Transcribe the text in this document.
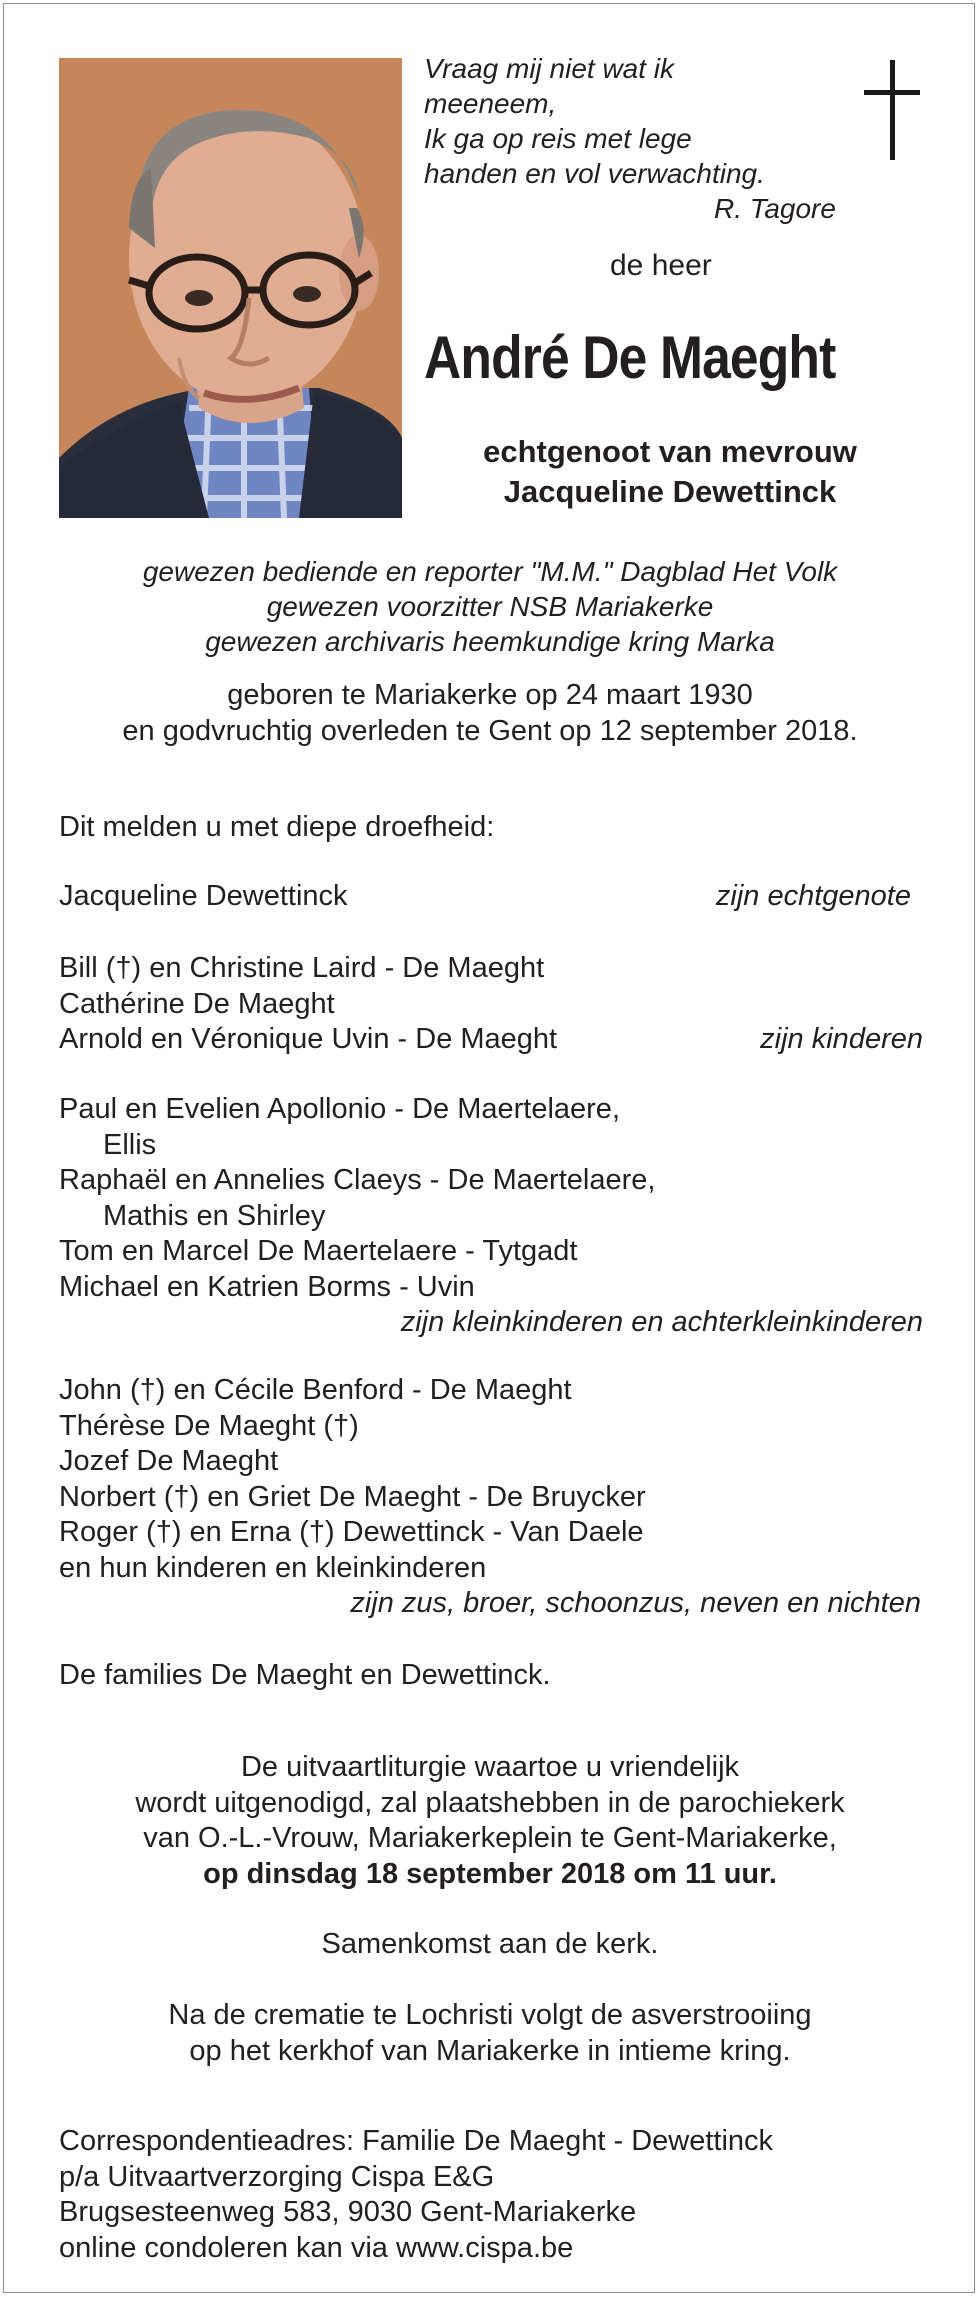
Vraag mij niet wat ik
meeneem,
Ik ga op reis met lege
handen en vol verwachting.
R. Tagore
de heer
André De Maeght
echtgenoot van mevrouw
Jacqueline Dewettinck
gewezen bediende en reporter "M.M." Dagblad Het Volk
gewezen voorzitter NSB Mariakerke
gewezen archivaris heemkundige kring Marka
geboren te Mariakerke op 24 maart 1930
en godvruchtig overleden te Gent op 12 september 2018.
Dit melden u met diepe droefheid:
Jacqueline Dewettinck	zijn echtgenote
Bill (†) en Christine Laird - De Maeght
Cathérine De Maeght
Arnold en Véronique Uvin - De Maeght	zijn kinderen
Paul en Evelien Apollonio - De Maertelaere,
Ellis
Raphaël en Annelies Claeys - De Maertelaere,
Mathis en Shirley
Tom en Marcel De Maertelaere - Tytgadt
Michael en Katrien Borms - Uvin
zijn kleinkinderen en achterkleinkinderen
John (†) en Cécile Benford - De Maeght
Thérèse De Maeght (†)
Jozef De Maeght
Norbert (†) en Griet De Maeght - De Bruycker
Roger (†) en Erna (†) Dewettinck - Van Daele
en hun kinderen en kleinkinderen
zijn zus, broer, schoonzus, neven en nichten
De families De Maeght en Dewettinck.
De uitvaartliturgie waartoe u vriendelijk
wordt uitgenodigd, zal plaatshebben in de parochiekerk
van O.-L.-Vrouw, Mariakerkeplein te Gent-Mariakerke,
op dinsdag 18 september 2018 om 11 uur.
Samenkomst aan de kerk.
Na de crematie te Lochristi volgt de asverstrooiing
op het kerkhof van Mariakerke in intieme kring.
Correspondentieadres: Familie De Maeght - Dewettinck
p/a Uitvaartverzorging Cispa E&G
Brugsesteenweg 583, 9030 Gent-Mariakerke
online condoleren kan via www.cispa.be
